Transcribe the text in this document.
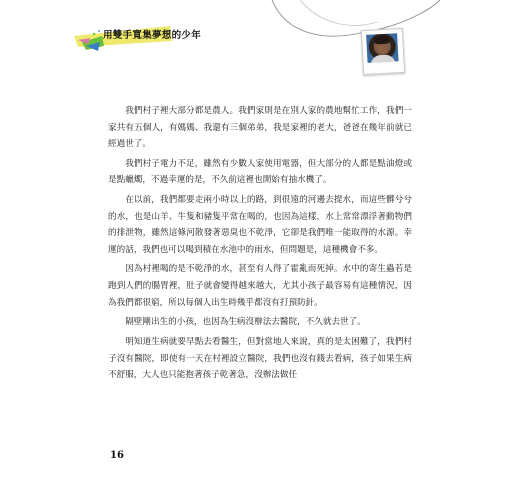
用雙手寬集夢想的少年

我們村子裡大部分都是農人。我們家則是在別人家的農地幫忙工作，我們一家共有五個人，有媽媽、我還有三個弟弟，我是家裡的老大，爸爸在幾年前就已經過世了。

我們村子電力不足，雖然有少數人家使用電器，但大部分的人都是點油燈或是點蠟燭，不過幸運的是，不久前這裡也開始有抽水機了。

在以前，我們都要走兩小時以上的路，到很遠的河邊去提水，而這些髒兮兮的水，也是山羊、牛隻和豬隻平常在喝的，也因為這樣，水上常常漂浮著動物們的排泄物，雖然這條河散發著惡臭也不乾淨，它卻是我們唯一能取得的水源。幸運的話，我們也可以喝到積在水池中的雨水，但問題是，這種機會不多。

因為村裡喝的是不乾淨的水，甚至有人得了霍亂而死掉。水中的寄生蟲若是跑到人們的腸胃裡，肚子就會變得越來越大，尤其小孩子最容易有這種情況，因為我們都很窮，所以每個人出生時幾乎都沒有打預防針。

隔壁剛出生的小孩，也因為生病沒辦法去醫院，不久就去世了。

明知道生病就要早點去看醫生，但對當地人來說，真的是太困難了，我們村子沒有醫院，即使有一天在村裡設立醫院，我們也沒有錢去看病，孩子如果生病不舒服，大人也只能抱著孩子乾著急，沒辦法做任

16
